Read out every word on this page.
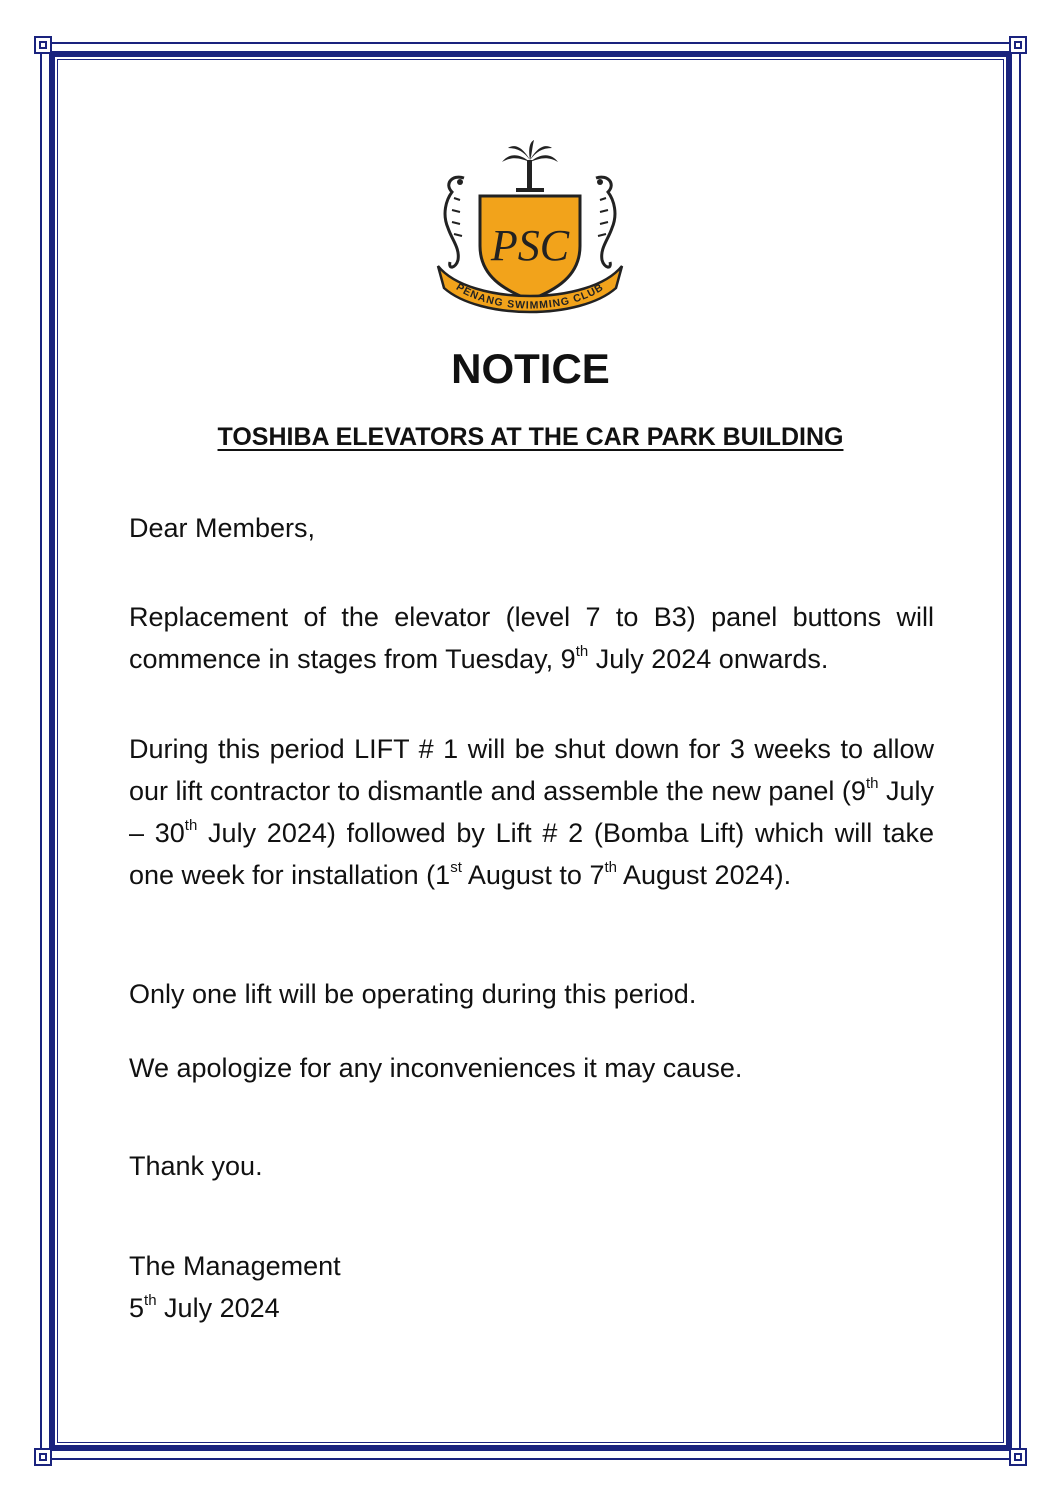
PSC
PENANG SWIMMING CLUB
NOTICE
TOSHIBA ELEVATORS AT THE CAR PARK BUILDING
Dear Members,
Replacement of the elevator (level 7 to B3) panel buttons will commence in stages from Tuesday, 9th July 2024 onwards.
During this period LIFT # 1 will be shut down for 3 weeks to allow our lift contractor to dismantle and assemble the new panel (9th July – 30th July 2024) followed by Lift # 2 (Bomba Lift) which will take one week for installation (1st August to 7th August 2024).
Only one lift will be operating during this period.
We apologize for any inconveniences it may cause.
Thank you.
The Management
5th July 2024
